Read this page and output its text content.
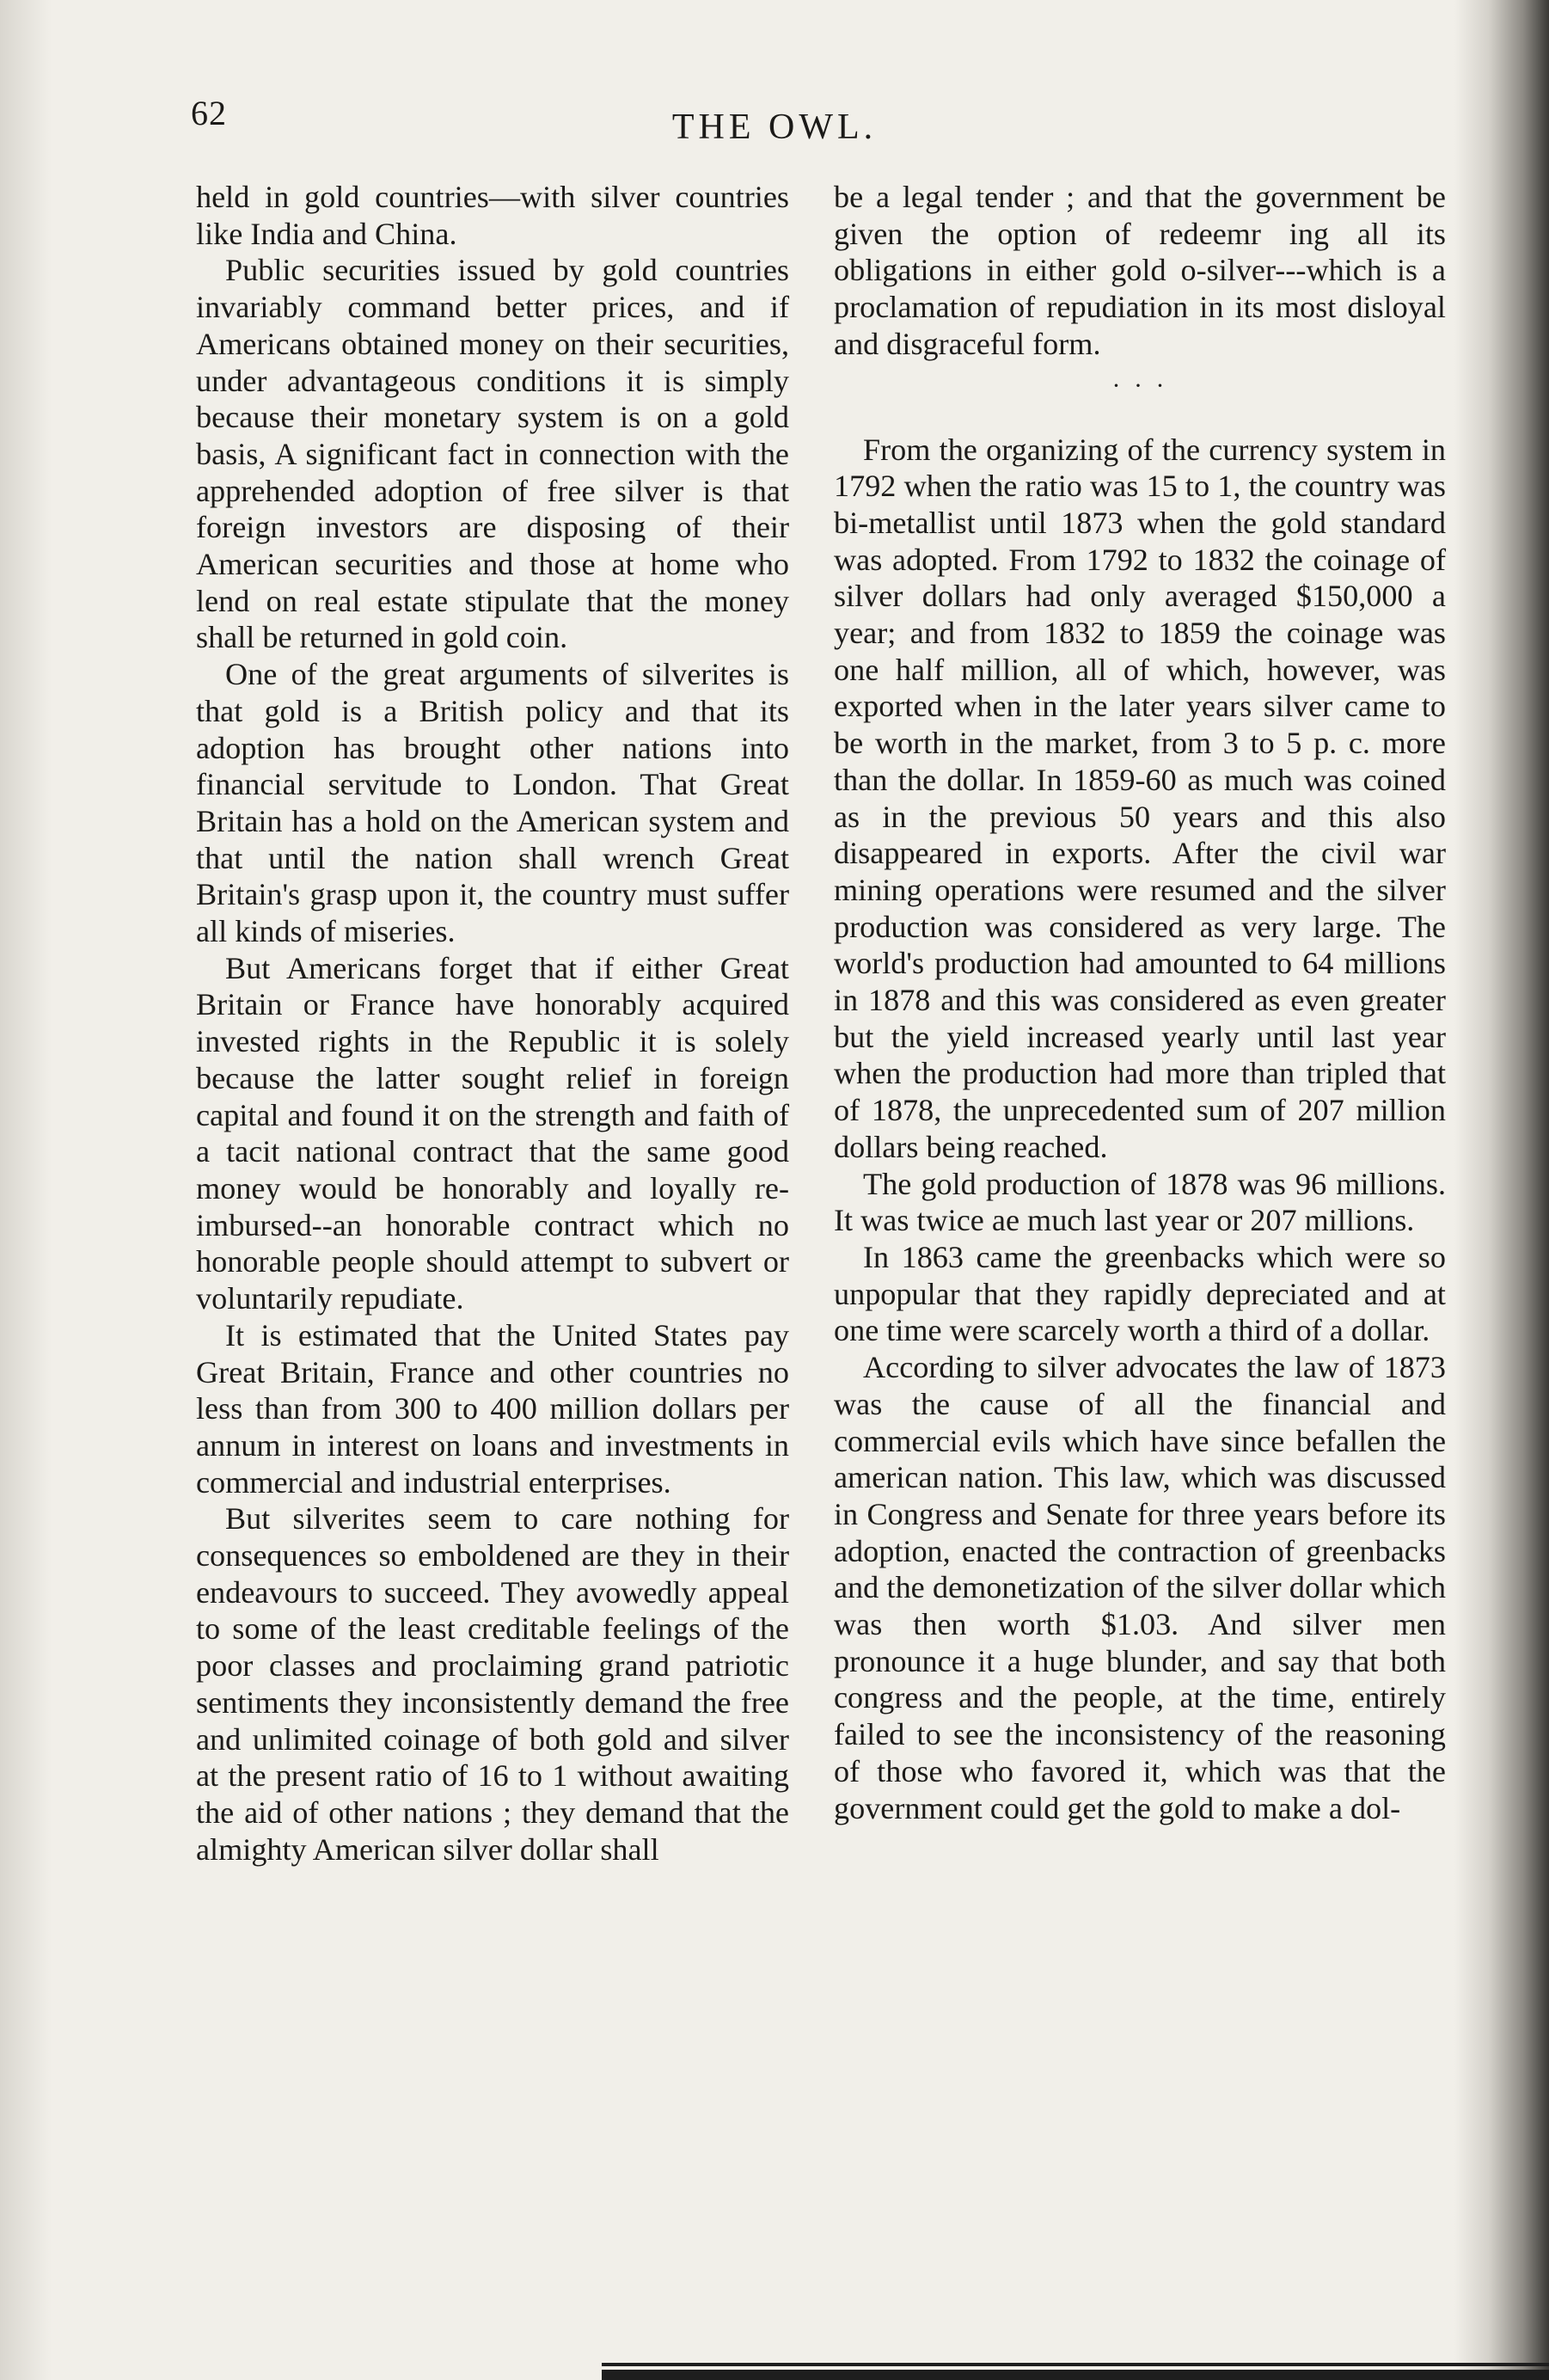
62	THE OWL.

held in gold countries—with silver countries like India and China.

Public securities issued by gold countries invariably command better prices, and if Americans obtained money on their securities, under advantageous conditions it is simply because their monetary system is on a gold basis, A significant fact in connection with the apprehended adoption of free silver is that foreign investors are disposing of their American securities and those at home who lend on real estate stipulate that the money shall be returned in gold coin.

One of the great arguments of silverites is that gold is a British policy and that its adoption has brought other nations into financial servitude to London. That Great Britain has a hold on the American system and that until the nation shall wrench Great Britain's grasp upon it, the country must suffer all kinds of miseries.

But Americans forget that if either Great Britain or France have honorably acquired invested rights in the Republic it is solely because the latter sought relief in foreign capital and found it on the strength and faith of a tacit national contract that the same good money would be honorably and loyally re-imbursed--an honorable contract which no honorable people should attempt to subvert or voluntarily repudiate.

It is estimated that the United States pay Great Britain, France and other countries no less than from 300 to 400 million dollars per annum in interest on loans and investments in commercial and industrial enterprises.

But silverites seem to care nothing for consequences so emboldened are they in their endeavours to succeed. They avowedly appeal to some of the least creditable feelings of the poor classes and proclaiming grand patriotic sentiments they inconsistently demand the free and unlimited coinage of both gold and silver at the present ratio of 16 to 1 without awaiting the aid of other nations ; they demand that the almighty American silver dollar shall

be a legal tender ; and that the government be given the option of redeemr ing all its obligations in either gold o-silver---which is a proclamation of repudiation in its most disloyal and disgraceful form.

· · ·

From the organizing of the currency system in 1792 when the ratio was 15 to 1, the country was bi-metallist until 1873 when the gold standard was adopted. From 1792 to 1832 the coinage of silver dollars had only averaged $150,000 a year; and from 1832 to 1859 the coinage was one half million, all of which, however, was exported when in the later years silver came to be worth in the market, from 3 to 5 p. c. more than the dollar. In 1859-60 as much was coined as in the previous 50 years and this also disappeared in exports. After the civil war mining operations were resumed and the silver production was considered as very large. The world's production had amounted to 64 millions in 1878 and this was considered as even greater but the yield increased yearly until last year when the production had more than tripled that of 1878, the unprecedented sum of 207 million dollars being reached.

The gold production of 1878 was 96 millions. It was twice ae much last year or 207 millions.

In 1863 came the greenbacks which were so unpopular that they rapidly depreciated and at one time were scarcely worth a third of a dollar.

According to silver advocates the law of 1873 was the cause of all the financial and commercial evils which have since befallen the american nation. This law, which was discussed in Congress and Senate for three years before its adoption, enacted the contraction of greenbacks and the demonetization of the silver dollar which was then worth $1.03. And silver men pronounce it a huge blunder, and say that both congress and the people, at the time, entirely failed to see the inconsistency of the reasoning of those who favored it, which was that the government could get the gold to make a dol-
